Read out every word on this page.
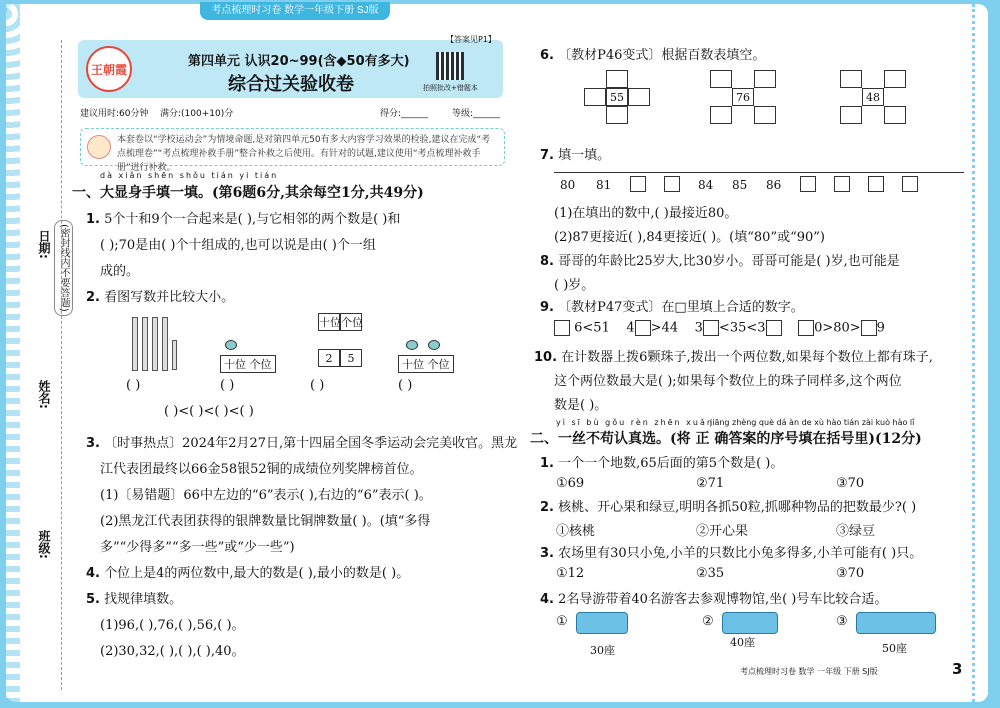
考点梳理时习卷 数学一年级下册 SJ版
日期:
姓名:
班级:
(密封线内不要答题)
王朝霞
第四单元 认识20~99(含◆50有多大)
综合过关验收卷
【答案见P1】
拍照批改+错题本
建议用时:60分钟 满分:(100+10)分	得分:______	等级:______
本套卷以“学校运动会”为情境命题,是对第四单元50有多大内容学习效果的检验,建议在完成“考点梳理卷”“考点梳理补救手册”整合补救之后使用。有针对的试题,建议使用“考点梳理补救手册”进行补救。
dà xiǎn shēn shǒu tián yi tián
一、大显身手填一填。(第6题6分,其余每空1分,共49分)
1. 5个十和9个一合起来是( ),与它相邻的两个数是( )和
( );70是由( )个十组成的,也可以说是由( )个一组
成的。
2. 看图写数并比较大小。
十位 个位
十位 个位
2	5	十位 个位
( )	( )	( )	( )
( )<( )<( )<( )
3. 〔时事热点〕2024年2月27日,第十四届全国冬季运动会完美收官。黑龙
江代表团最终以66金58银52铜的成绩位列奖牌榜首位。
(1)〔易错题〕66中左边的“6”表示( ),右边的“6”表示( )。
(2)黑龙江代表团获得的银牌数量比铜牌数量( )。(填“多得
多”“少得多”“多一些”或“少一些”)
4. 个位上是4的两位数中,最大的数是( ),最小的数是( )。
5. 找规律填数。
(1)96,( ),76,( ),56,( )。
(2)30,32,( ),( ),( ),40。
6. 〔教材P46变式〕根据百数表填空。
55	76	48
7. 填一填。
80 81	84 85 86
(1)在填出的数中,( )最接近80。
(2)87更接近( ),84更接近( )。(填“80”或“90”)
8. 哥哥的年龄比25岁大,比30岁小。哥哥可能是( )岁,也可能是
( )岁。
9. 〔教材P47变式〕在□里填上合适的数字。
6<51 4 >44 3 <35<3	0>80> 9
10. 在计数器上拨6颗珠子,拨出一个两位数,如果每个数位上都有珠子,
这个两位数最大是( );如果每个数位上的珠子同样多,这个两位
数是( )。
yì sī bù gǒu rèn zhēn xuǎn
jiāng zhèng què dá àn de xù hào tián zài kuò hào lǐ
二、一丝不苟认真选。(将 正 确答案的序号填在括号里)(12分)
1. 一个一个地数,65后面的第5个数是( )。
①69	②71	③70
2. 核桃、开心果和绿豆,明明各抓50粒,抓哪种物品的把数最少?( )
①核桃	②开心果	③绿豆
3. 农场里有30只小兔,小羊的只数比小兔多得多,小羊可能有( )只。
①12	②35	③70
4. 2名导游带着40名游客去参观博物馆,坐( )号车比较合适。
①
30座
②
40座
③
50座
考点梳理时习卷 数学 一年级 下册 SJ版	3
